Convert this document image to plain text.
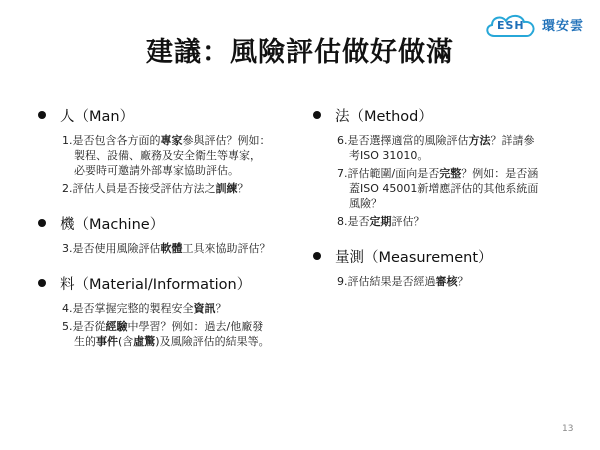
ESH 環安雲
建議：風險評估做好做滿
人（Man）
1.是否包含各方面的專家參與評估？例如：
製程、設備、廠務及安全衛生等專家，
必要時可邀請外部專家協助評估。
2.評估人員是否接受評估方法之訓練？
機（Machine）
3.是否使用風險評估軟體工具來協助評估？
料（Material/Information）
4.是否掌握完整的製程安全資訊？
5.是否從經驗中學習？例如：過去/他廠發
生的事件(含虛驚)及風險評估的結果等。
法（Method）
6.是否選擇適當的風險評估方法？詳請參
考ISO 31010。
7.評估範圍/面向是否完整？例如：是否涵
蓋ISO 45001新增應評估的其他系統面
風險？
8.是否定期評估？
量測（Measurement）
9.評估結果是否經過審核？
13
